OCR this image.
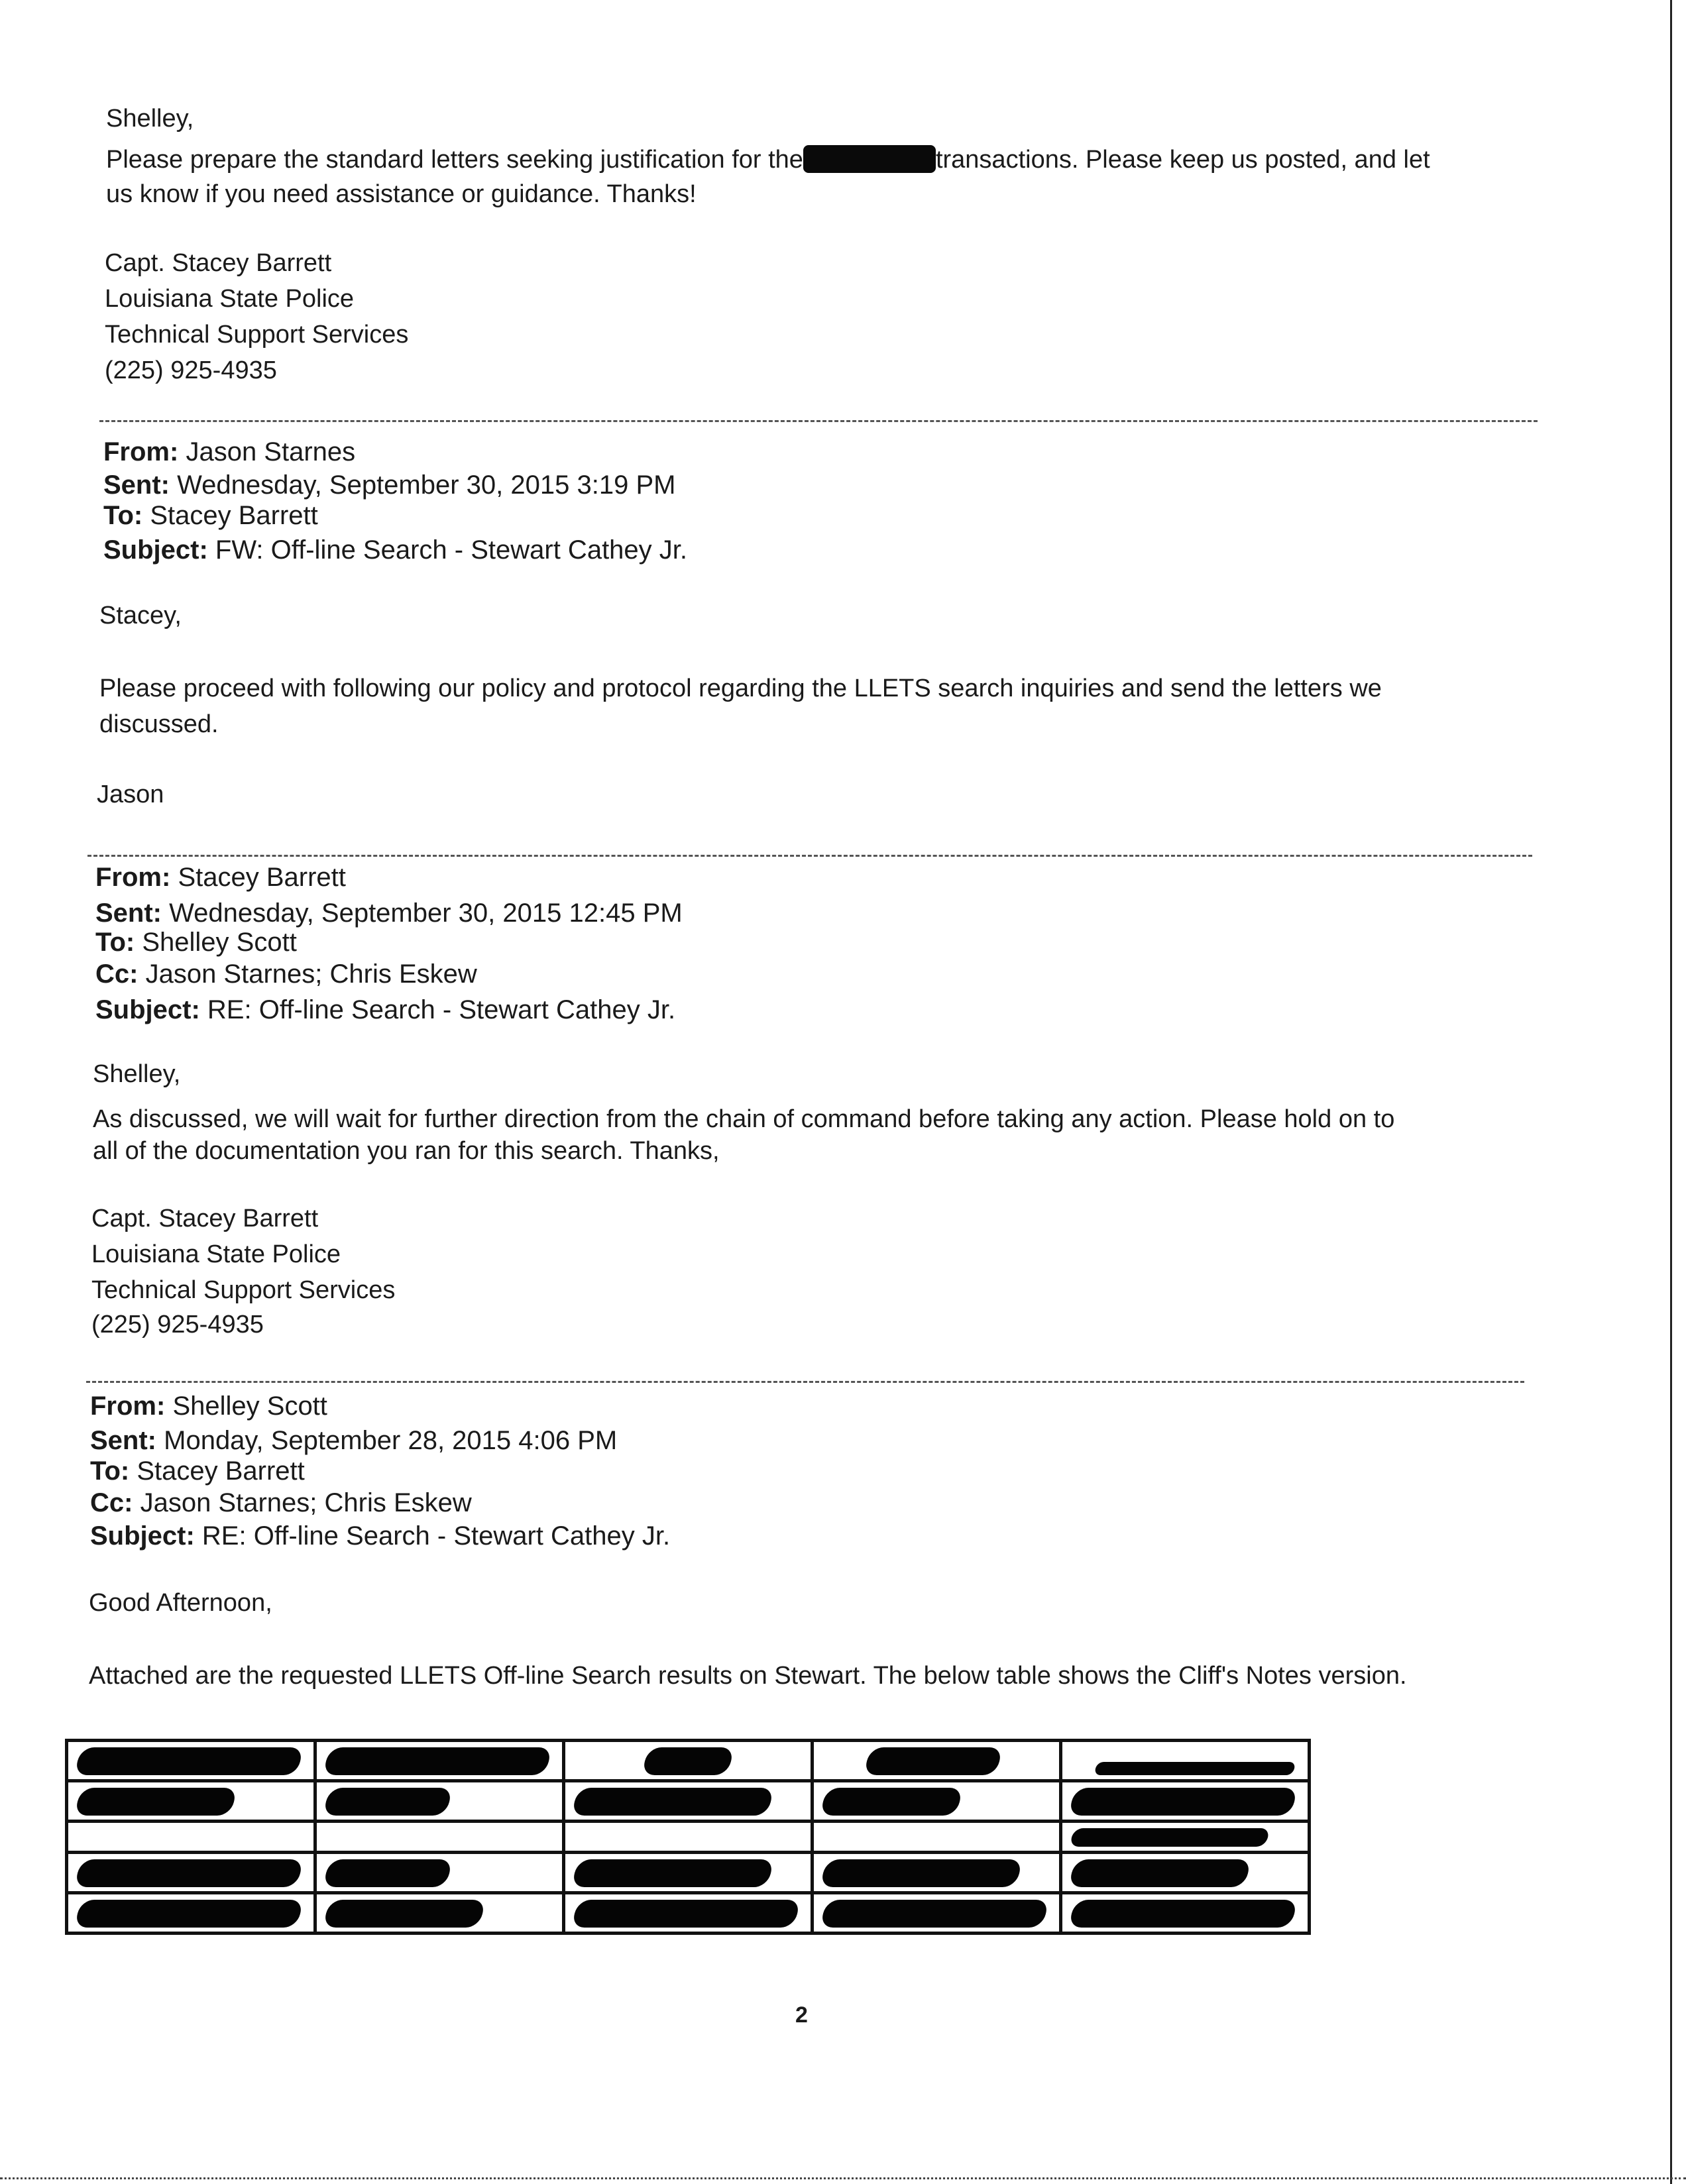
Shelley,
Please prepare the standard letters seeking justification for the	transactions. Please keep us posted, and let
us know if you need assistance or guidance. Thanks!
Capt. Stacey Barrett
Louisiana State Police
Technical Support Services
(225) 925-4935
From: Jason Starnes
Sent: Wednesday, September 30, 2015 3:19 PM
To: Stacey Barrett
Subject: FW: Off-line Search - Stewart Cathey Jr.
Stacey,
Please proceed with following our policy and protocol regarding the LLETS search inquiries and send the letters we
discussed.
Jason
From: Stacey Barrett
Sent: Wednesday, September 30, 2015 12:45 PM
To: Shelley Scott
Cc: Jason Starnes; Chris Eskew
Subject: RE: Off-line Search - Stewart Cathey Jr.
Shelley,
As discussed, we will wait for further direction from the chain of command before taking any action. Please hold on to
all of the documentation you ran for this search. Thanks,
Capt. Stacey Barrett
Louisiana State Police
Technical Support Services
(225) 925-4935
From: Shelley Scott
Sent: Monday, September 28, 2015 4:06 PM
To: Stacey Barrett
Cc: Jason Starnes; Chris Eskew
Subject: RE: Off-line Search - Stewart Cathey Jr.
Good Afternoon,
Attached are the requested LLETS Off-line Search results on Stewart. The below table shows the Cliff's Notes version.

2
